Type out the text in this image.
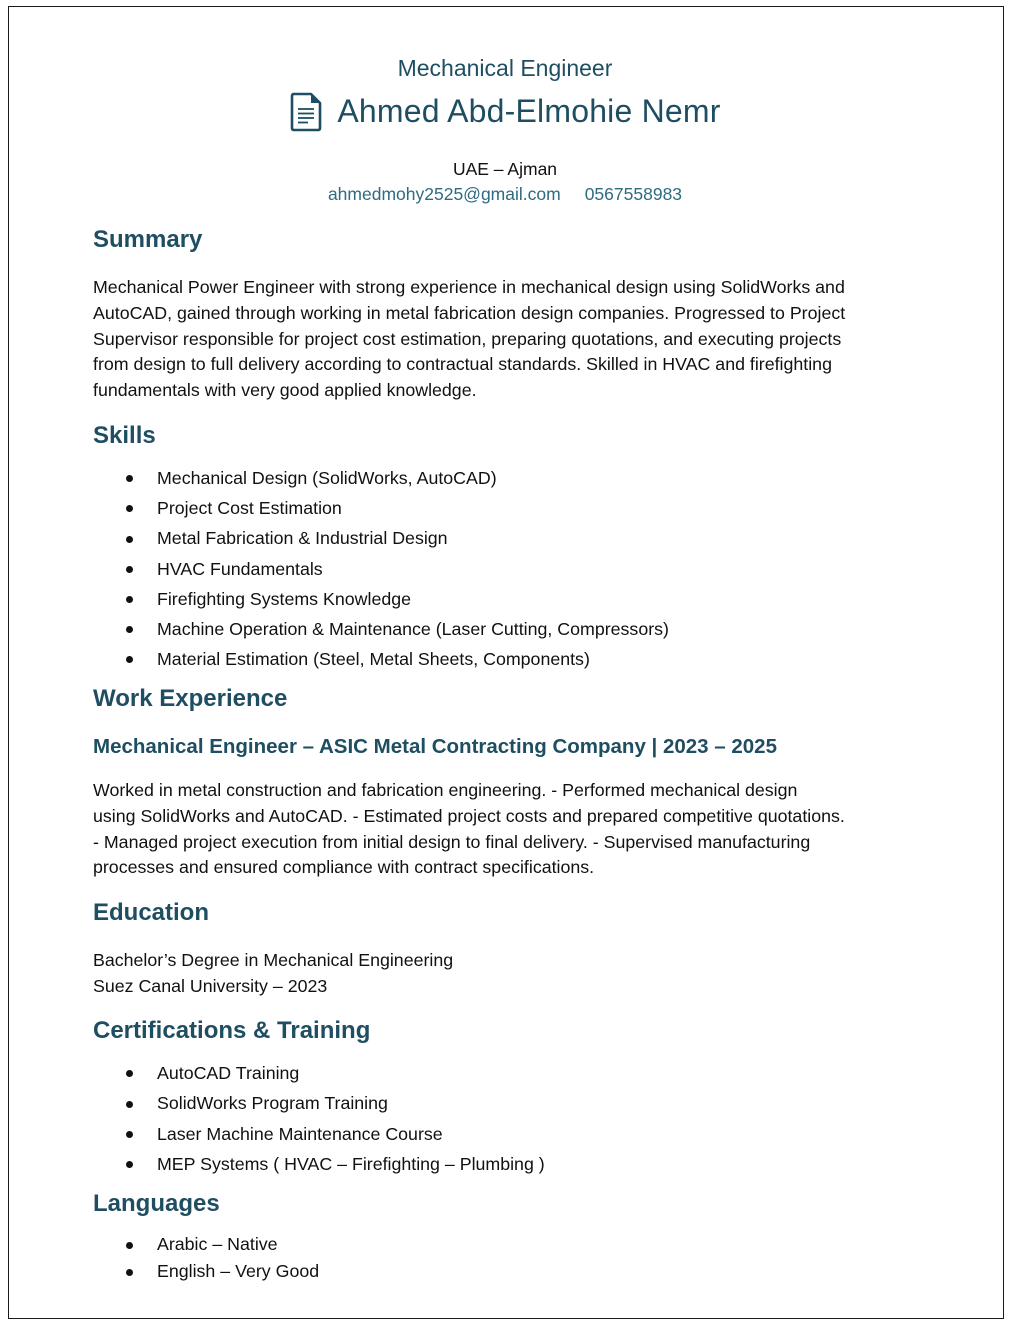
Mechanical Engineer
Ahmed Abd-Elmohie Nemr
UAE – Ajman
ahmedmohy2525@gmail.com 0567558983
Summary
Mechanical Power Engineer with strong experience in mechanical design using SolidWorks and
AutoCAD, gained through working in metal fabrication design companies. Progressed to Project
Supervisor responsible for project cost estimation, preparing quotations, and executing projects
from design to full delivery according to contractual standards. Skilled in HVAC and firefighting
fundamentals with very good applied knowledge.
Skills
Mechanical Design (SolidWorks, AutoCAD)
Project Cost Estimation
Metal Fabrication & Industrial Design
HVAC Fundamentals
Firefighting Systems Knowledge
Machine Operation & Maintenance (Laser Cutting, Compressors)
Material Estimation (Steel, Metal Sheets, Components)
Work Experience
Mechanical Engineer – ASIC Metal Contracting Company | 2023 – 2025
Worked in metal construction and fabrication engineering. - Performed mechanical design
using SolidWorks and AutoCAD. - Estimated project costs and prepared competitive quotations.
- Managed project execution from initial design to final delivery. - Supervised manufacturing
processes and ensured compliance with contract specifications.
Education
Bachelor’s Degree in Mechanical Engineering
Suez Canal University – 2023
Certifications & Training
AutoCAD Training
SolidWorks Program Training
Laser Machine Maintenance Course
MEP Systems ( HVAC – Firefighting – Plumbing )
Languages
Arabic – Native
English – Very Good
